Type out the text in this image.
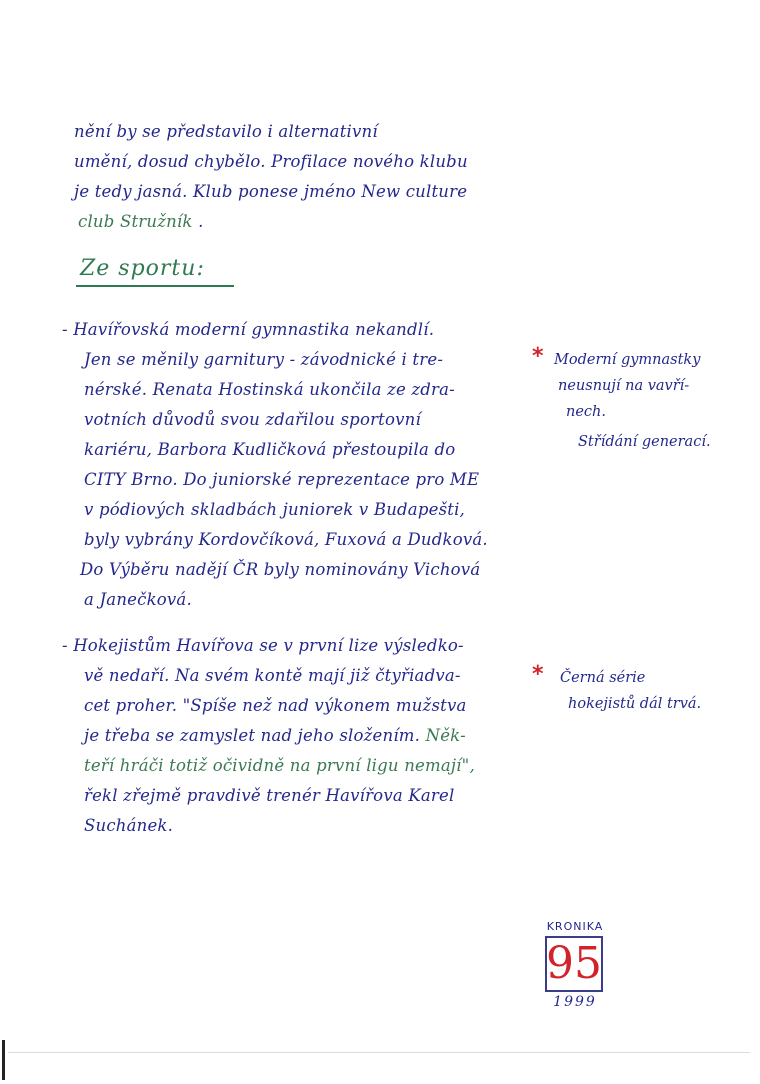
nění by se představilo i alternativní
umění, dosud chybělo. Profilace nového klubu
je tedy jasná. Klub ponese jméno New culture
club Stružník .
Ze sportu:
- Havířovská moderní gymnastika nekandlí.
Jen se měnily garnitury - závodnické i tre-
nérské. Renata Hostinská ukončila ze zdra-
votních důvodů svou zdařilou sportovní
kariéru, Barbora Kudličková přestoupila do
CITY Brno. Do juniorské reprezentace pro ME
v pódiových skladbách juniorek v Budapešti,
byly vybrány Kordovčíková, Fuxová a Dudková.
Do Výběru nadějí ČR byly nominovány Vichová
a Janečková.
* Moderní gymnastky
neusnují na vavří-
nech.
Střídání generací.
- Hokejistům Havířova se v první lize výsledko-
vě nedaří. Na svém kontě mají již čtyřiadva-
cet proher. "Spíše než nad výkonem mužstva
je třeba se zamyslet nad jeho složením. Něk-
teří hráči totiž očividně na první ligu nemají",
řekl zřejmě pravdivě trenér Havířova Karel
Suchánek.
* Černá série
hokejistů dál trvá.
KRONIKA
95
1999
